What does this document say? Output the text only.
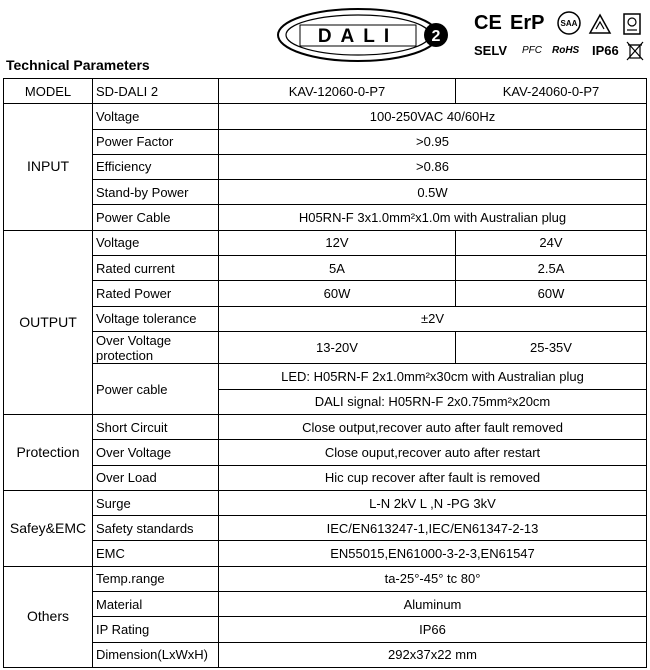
DALI 2
CE ErP SAA
SELV PFC RoHS IP66
Technical Parameters
MODEL	SD-DALI 2	KAV-12060-0-P7	KAV-24060-0-P7
INPUT	Voltage	100-250VAC 40/60Hz	
	Power Factor	>0.95	
	Efficiency	>0.86	
	Stand-by Power	0.5W	
	Power Cable	H05RN-F 3x1.0mm²x1.0m with Australian plug	
OUTPUT	Voltage	12V	24V
	Rated current	5A	2.5A
	Rated Power	60W	60W
	Voltage tolerance	±2V	
	Over Voltage protection	13-20V	25-35V
	Power cable	LED: H05RN-F 2x1.0mm²x30cm with Australian plug	
		DALI signal: H05RN-F 2x0.75mm²x20cm	
Protection	Short Circuit	Close output,recover auto after fault removed	
	Over Voltage	Close ouput,recover auto after restart	
	Over Load	Hic cup recover after fault is removed	
Safey&EMC	Surge	L-N 2kV L ,N -PG 3kV	
	Safety standards	IEC/EN613247-1,IEC/EN61347-2-13	
	EMC	EN55015,EN61000-3-2-3,EN61547	
Others	Temp.range	ta-25°-45° tc 80°	
	Material	Aluminum	
	IP Rating	IP66	
	Dimension(LxWxH)	292x37x22 mm	
